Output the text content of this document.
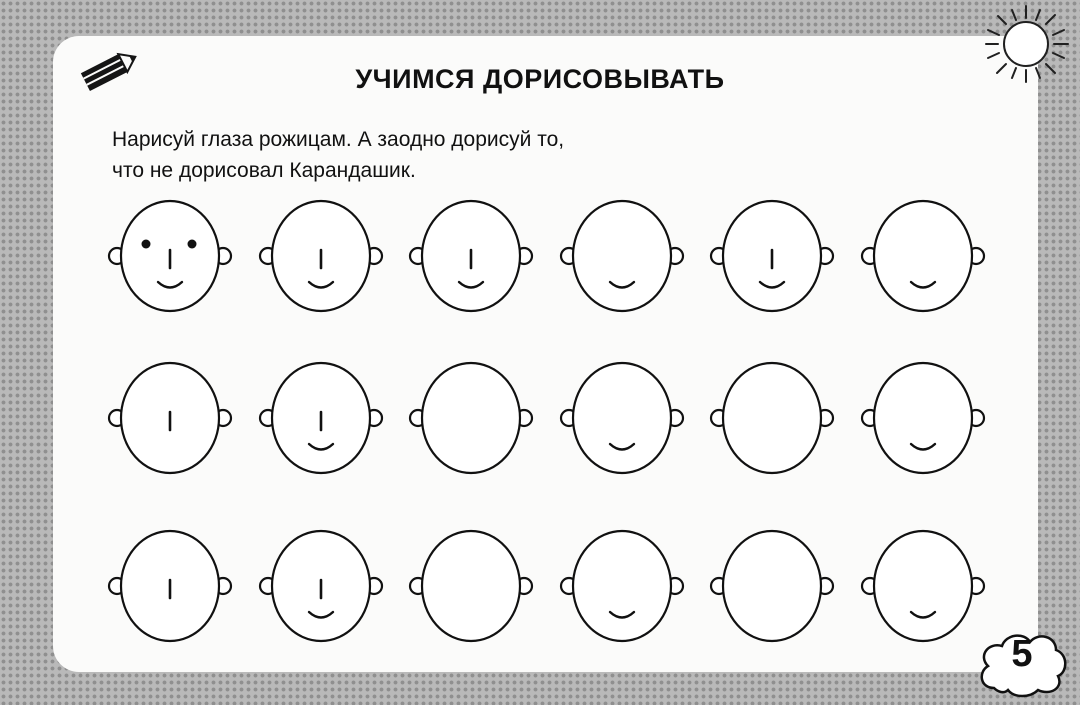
УЧИМСЯ ДОРИСОВЫВАТЬ

Нарисуй глаза рожицам. А заодно дорисуй то,
что не дорисовал Карандашик.

5
